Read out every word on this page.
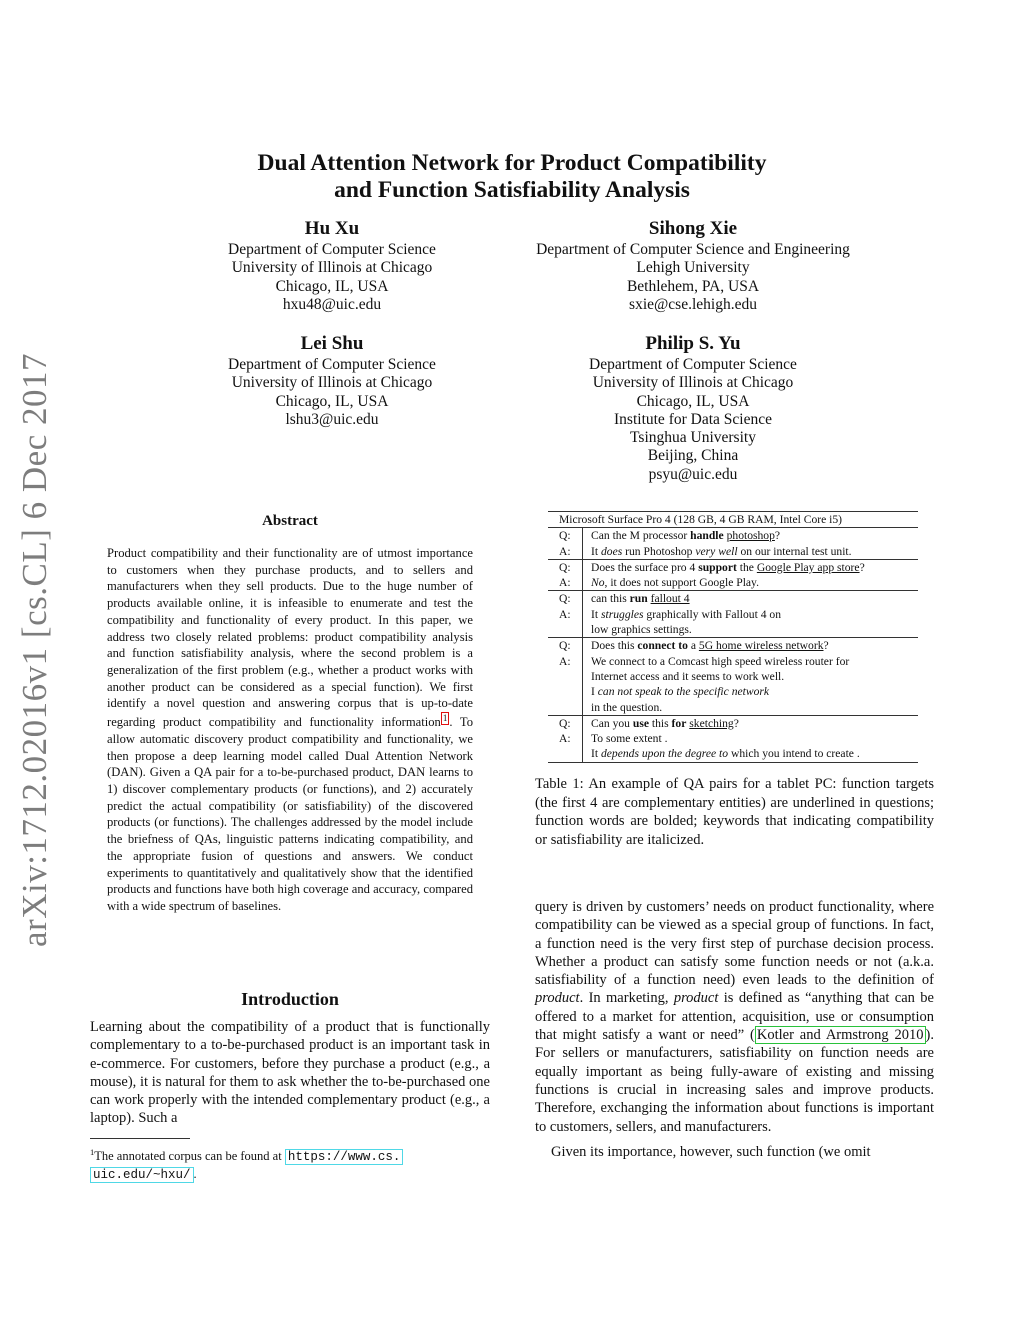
arXiv:1712.02016v1 [cs.CL] 6 Dec 2017
Dual Attention Network for Product Compatibility
and Function Satisfiability Analysis
Hu Xu
Department of Computer Science
University of Illinois at Chicago
Chicago, IL, USA
hxu48@uic.edu
Sihong Xie
Department of Computer Science and Engineering
Lehigh University
Bethlehem, PA, USA
sxie@cse.lehigh.edu
Lei Shu
Department of Computer Science
University of Illinois at Chicago
Chicago, IL, USA
lshu3@uic.edu
Philip S. Yu
Department of Computer Science
University of Illinois at Chicago
Chicago, IL, USA
Institute for Data Science
Tsinghua University
Beijing, China
psyu@uic.edu
Abstract
Product compatibility and their functionality are of utmost importance to customers when they purchase products, and to sellers and manufacturers when they sell products. Due to the huge number of products available online, it is infeasible to enumerate and test the compatibility and functionality of every product. In this paper, we address two closely related problems: product compatibility analysis and function satisfiability analysis, where the second problem is a generalization of the first problem (e.g., whether a product works with another product can be considered as a special function). We first identify a novel question and answering corpus that is up-to-date regarding product compatibility and functionality information 1 . To allow automatic discovery product compatibility and functionality, we then propose a deep learning model called Dual Attention Network (DAN). Given a QA pair for a to-be-purchased product, DAN learns to 1) discover complementary products (or functions), and 2) accurately predict the actual compatibility (or satisfiability) of the discovered products (or functions). The challenges addressed by the model include the briefness of QAs, linguistic patterns indicating compatibility, and the appropriate fusion of questions and answers. We conduct experiments to quantitatively and qualitatively show that the identified products and functions have both high coverage and accuracy, compared with a wide spectrum of baselines.
Introduction
Learning about the compatibility of a product that is functionally complementary to a to-be-purchased product is an important task in e-commerce. For customers, before they purchase a product (e.g., a mouse), it is natural for them to ask whether the to-be-purchased one can work properly with the intended complementary product (e.g., a laptop). Such a
$^1$The annotated corpus can be found at https://www.cs.
uic.edu/~hxu/ .
Microsoft Surface Pro 4 (128 GB, 4 GB RAM, Intel Core i5)
Q:	Can the M processor handle photoshop?
A:	It does run Photoshop very well on our internal test unit.
Q:	Does the surface pro 4 support the Google Play app store?
A:	No, it does not support Google Play.
Q:	can this run fallout 4
A:	It struggles graphically with Fallout 4 on
low graphics settings.
Q:	Does this connect to a 5G home wireless network?
A:	We connect to a Comcast high speed wireless router for
Internet access and it seems to work well.
I can not speak to the specific network
in the question.
Q:	Can you use this for sketching?
A:	To some extent .
It depends upon the degree to which you intend to create .
Table 1: An example of QA pairs for a tablet PC: function targets (the first 4 are complementary entities) are underlined in questions; function words are bolded; keywords that indicating compatibility or satisfiability are italicized.

query is driven by customers’ needs on product functionality, where compatibility can be viewed as a special group of functions. In fact, a function need is the very first step of purchase decision process. Whether a product can satisfy some function needs or not (a.k.a. satisfiability of a function need) even leads to the definition of product. In marketing, product is defined as “anything that can be offered to a market for attention, acquisition, use or consumption that might satisfy a want or need” ( Kotler and Armstrong 2010 ). For sellers or manufacturers, satisfiability on function needs are equally important as being fully-aware of existing and missing functions is crucial in increasing sales and improve products. Therefore, exchanging the information about functions is important to customers, sellers, and manufacturers.

Given its importance, however, such function (we omit
